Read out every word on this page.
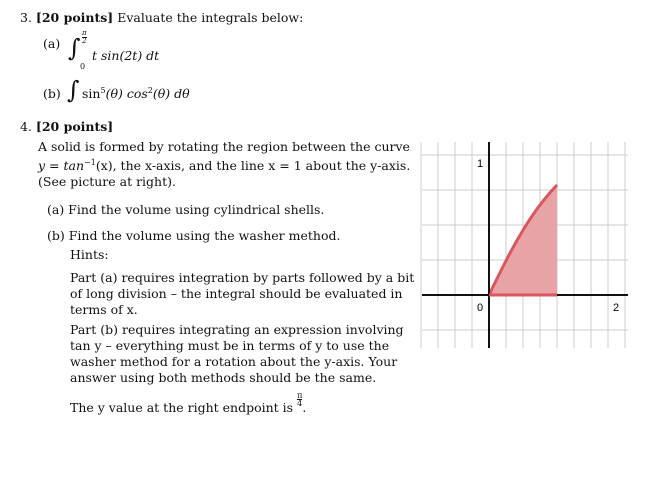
3. [20 points] Evaluate the integrals below:
(a) ∫ $\frac{\pi}{2}$
0
t sin(2t) dt
(b) ∫ $\sin^5(\theta)$ $\cos^2(\theta)$ dθ
4. [20 points]
A solid is formed by rotating the region between the curve
$y = \tan^{-1}(x)$, the x-axis, and the line x = 1 about the y-axis.
(See picture at right).
(a) Find the volume using cylindrical shells.
(b) Find the volume using the washer method.
Hints:
Part (a) requires integration by parts followed by a bit
of long division – the integral should be evaluated in
terms of x.
Part (b) requires integrating an expression involving
tan y – everything must be in terms of y to use the
washer method for a rotation about the y-axis. Your
answer using both methods should be the same.
The y value at the right endpoint is $\frac{\pi}{4}$.
0	2
1
